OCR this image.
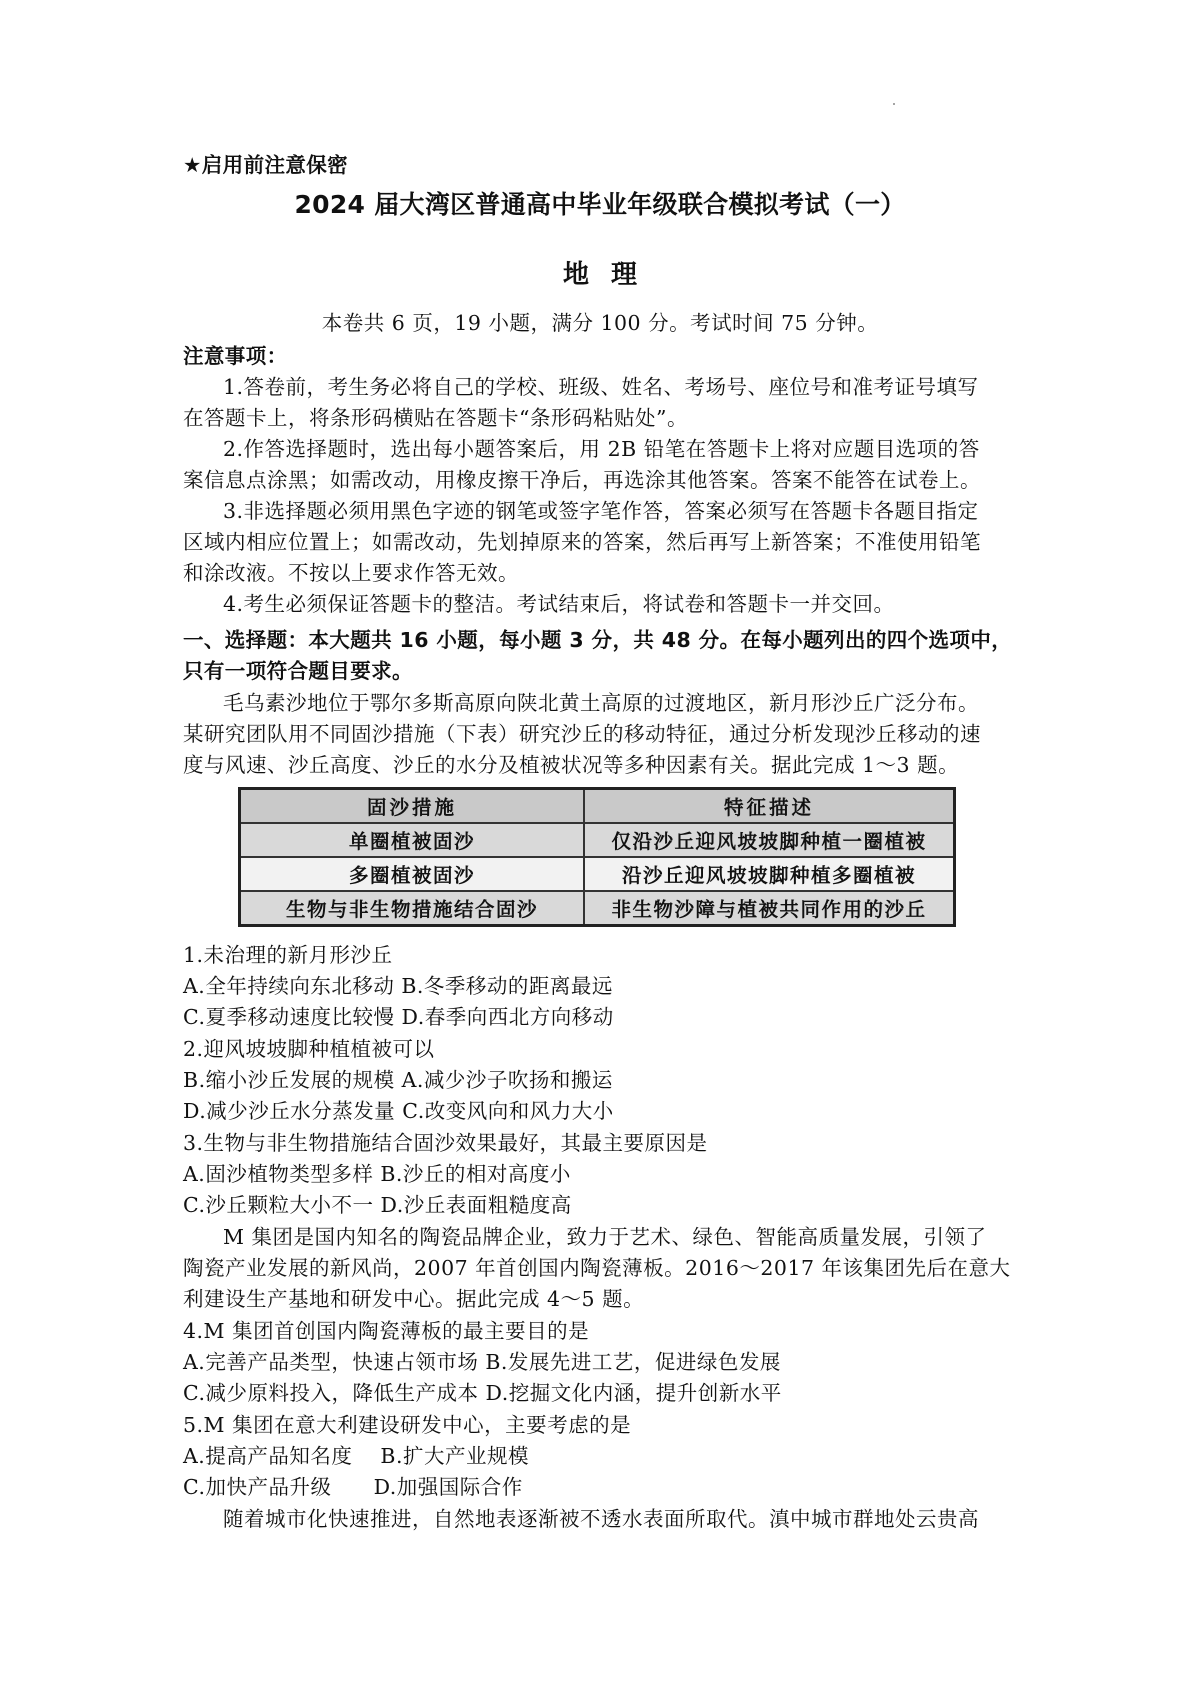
★启用前注意保密
2024 届大湾区普通高中毕业年级联合模拟考试（一）
地理
本卷共 6 页，19 小题，满分 100 分。考试时间 75 分钟。
注意事项：
1.答卷前，考生务必将自己的学校、班级、姓名、考场号、座位号和准考证号填写
在答题卡上，将条形码横贴在答题卡“条形码粘贴处”。
2.作答选择题时，选出每小题答案后，用 2B 铅笔在答题卡上将对应题目选项的答
案信息点涂黑；如需改动，用橡皮擦干净后，再选涂其他答案。答案不能答在试卷上。
3.非选择题必须用黑色字迹的钢笔或签字笔作答，答案必须写在答题卡各题目指定
区域内相应位置上；如需改动，先划掉原来的答案，然后再写上新答案；不准使用铅笔
和涂改液。不按以上要求作答无效。
4.考生必须保证答题卡的整洁。考试结束后，将试卷和答题卡一并交回。
一、选择题：本大题共 16 小题，每小题 3 分，共 48 分。在每小题列出的四个选项中，
只有一项符合题目要求。
毛乌素沙地位于鄂尔多斯高原向陕北黄土高原的过渡地区，新月形沙丘广泛分布。
某研究团队用不同固沙措施（下表）研究沙丘的移动特征，通过分析发现沙丘移动的速
度与风速、沙丘高度、沙丘的水分及植被状况等多种因素有关。据此完成 1～3 题。
固沙措施	特征描述
单圈植被固沙	仅沿沙丘迎风坡坡脚种植一圈植被
多圈植被固沙	沿沙丘迎风坡坡脚种植多圈植被
生物与非生物措施结合固沙	非生物沙障与植被共同作用的沙丘
1.未治理的新月形沙丘
A.全年持续向东北移动 B.冬季移动的距离最远
C.夏季移动速度比较慢 D.春季向西北方向移动
2.迎风坡坡脚种植植被可以
B.缩小沙丘发展的规模 A.减少沙子吹扬和搬运
D.减少沙丘水分蒸发量 C.改变风向和风力大小
3.生物与非生物措施结合固沙效果最好，其最主要原因是
A.固沙植物类型多样 B.沙丘的相对高度小
C.沙丘颗粒大小不一 D.沙丘表面粗糙度高
M 集团是国内知名的陶瓷品牌企业，致力于艺术、绿色、智能高质量发展，引领了
陶瓷产业发展的新风尚，2007 年首创国内陶瓷薄板。2016～2017 年该集团先后在意大
利建设生产基地和研发中心。据此完成 4～5 题。
4.M 集团首创国内陶瓷薄板的最主要目的是
A.完善产品类型，快速占领市场 B.发展先进工艺，促进绿色发展
C.减少原料投入，降低生产成本 D.挖掘文化内涵，提升创新水平
5.M 集团在意大利建设研发中心，主要考虑的是
A.提高产品知名度    B.扩大产业规模
C.加快产品升级      D.加强国际合作
随着城市化快速推进，自然地表逐渐被不透水表面所取代。滇中城市群地处云贵高
